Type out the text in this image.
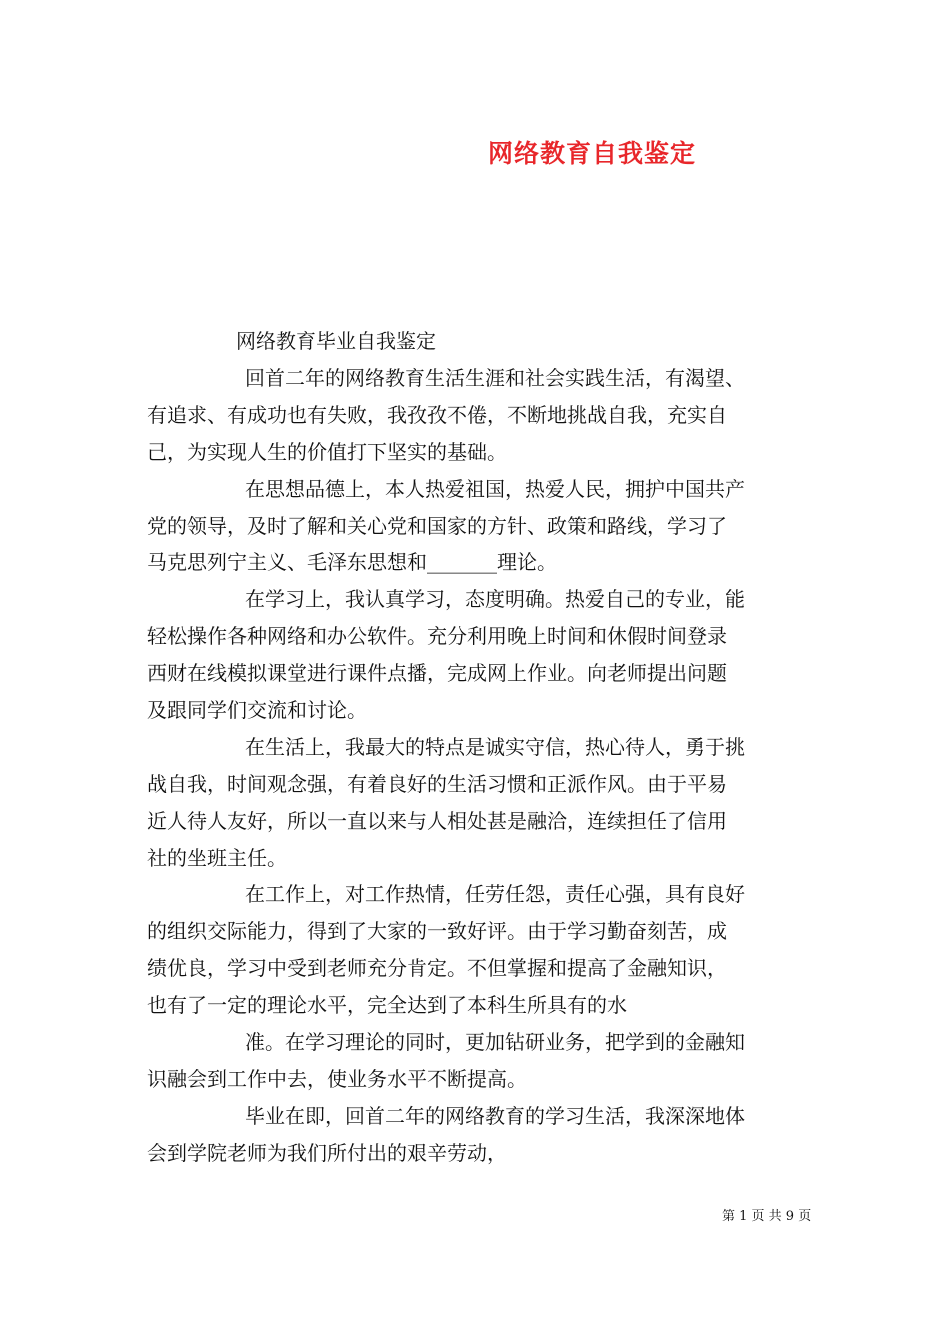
网络教育自我鉴定

网络教育毕业自我鉴定

回首二年的网络教育生活生涯和社会实践生活，有渴望、

有追求、有成功也有失败，我孜孜不倦，不断地挑战自我，充实自

己，为实现人生的价值打下坚实的基础。

在思想品德上，本人热爱祖国，热爱人民，拥护中国共产

党的领导，及时了解和关心党和国家的方针、政策和路线，学习了

马克思列宁主义、毛泽东思想和_______理论。

在学习上，我认真学习，态度明确。热爱自己的专业，能

轻松操作各种网络和办公软件。充分利用晚上时间和休假时间登录

西财在线模拟课堂进行课件点播，完成网上作业。向老师提出问题

及跟同学们交流和讨论。

在生活上，我最大的特点是诚实守信，热心待人，勇于挑

战自我，时间观念强，有着良好的生活习惯和正派作风。由于平易

近人待人友好，所以一直以来与人相处甚是融洽，连续担任了信用

社的坐班主任。

在工作上，对工作热情，任劳任怨，责任心强，具有良好

的组织交际能力，得到了大家的一致好评。由于学习勤奋刻苦，成

绩优良，学习中受到老师充分肯定。不但掌握和提高了金融知识，

也有了一定的理论水平，完全达到了本科生所具有的水

准。在学习理论的同时，更加钻研业务，把学到的金融知

识融会到工作中去，使业务水平不断提高。

毕业在即，回首二年的网络教育的学习生活，我深深地体

会到学院老师为我们所付出的艰辛劳动，

第 1 页 共 9 页
